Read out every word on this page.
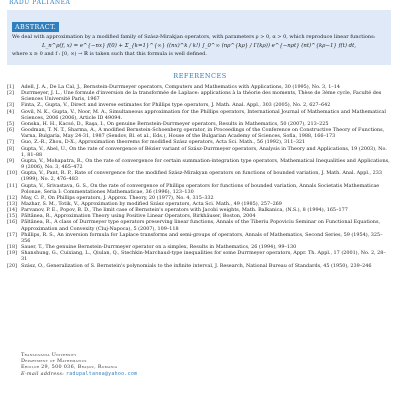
RADU PĂLTĂNEA
ABSTRACT.
We deal with approximation by a modified family of Szász-Mirakjan operators, with parameters ρ > 0, α > 0, which reproduce linear functions:
L_n^ρ(f, x) = e^{−nx} f(0) + Σ_{k=1}^{∞} ((nx)^k / k!) ∫_0^∞ (nρ^{kρ} / Γ(kρ)) e^{−nρt} (nt)^{kρ−1} f(t) dt,
where x ≥ 0 and f : [0, ∞) → ℝ is taken such that this formula is well defined.
REFERENCES
[1]	Adell, J. A., De La Cal, J., Bernstein-Durrmeyer operators, Computers and Mathematics with Applications, 30 (1995), No. 3, 1–14
[2]	Durrmeyer, J. L., Une formule d'inversion de la transformée de Laplace: applications à la théorie des moments, Thèse de 3ème cycle, Faculté des Sciences Université Paris, 1967
[3]	Finta, Z., Gupta, V., Direct and inverse estimates for Phillips type operators, J. Math. Anal. Appl., 303 (2005), No. 2, 627–642
[4]	Govil, N. K., Gupta, V., Noor, M. A., Simultaneous approximation for the Phillips operators, International Journal of Mathematics and Mathematical Sciences, 2006 (2006), Article ID 49094.
[5]	Gonska, H. H., Kacsó, D., Raşa, I., On genuine Bernstein-Durrmeyer operators, Results in Mathematics, 50 (2007), 213–225
[6]	Goodman, T. N. T., Sharma, A., A modified Bernstein-Schoenberg operator, in Proceedings of the Conference on Constructive Theory of Functions, Varna, Bulgaria, May 24-31, 1987 (Sendov, Bl. et al., Eds.), House of the Bulgarian Academy of Sciences, Sofia, 1988, 166–173
[7]	Guo, Z.-R., Zhou, D-X., Approximation theorems for modified Szász operators, Acta Sci. Math., 56 (1992), 311–321
[8]	Gupta, V., Abel, U., On the rate of convergence of Bézier variant of Szász-Durrmeyer operators, Analysis in Theory and Applications, 19 (2003), No. 1, 81–88
[9]	Gupta, V., Mohapatra, R., On the rate of convergence for certain summation-integration type operators, Mathematical Inequalities and Applications, 9 (2006), No. 3, 465–472
[10] Gupta, V., Pant, R. P., Rate of convergence for the modified Szász-Mirakyan operators on functions of bounded variation, J. Math. Anal. Appl., 233 (1999), No. 2, 476–483
[11] Gupta, V., Srivastava, G. S., On the rate of convergence of Phillips operators for functions of bounded variation, Annals Societatis Mathematicae Polonae, Seria I: Commentationes Mathematicae, 36 (1996), 123–130
[12] May, C. P., On Phillips operators, J. Approx. Theory, 20 (1977), No. 4, 315–332
[13] Mazhar, S. M., Totik, V., Approximation by modified Szász operators, Acta Sci. Math., 49 (1985), 257–269
[14] Parvanov, P. E., Popov, B. D., The limit case of Bernstein's operators with Jacobi weights, Math. Balkanica, (N.S.), 8 (1994), 165–177
[15] Păltănea, R., Approximation Theory using Positive Linear Operators, Birkhäuser, Boston, 2004
[16] Păltănea, R., A class of Durrmeyer type operators preserving linear functions, Annals of the Tiberiu Popoviciu Seminar on Functional Equations, Approximation and Convexity (Cluj-Napoca), 5 (2007), 109–118
[17] Phillips, R. S., An inversion formula for Laplace transforms and semi-groups of operators, Annals of Mathematics, Second Series, 59 (1954), 325–356
[18] Sauer, T., The genuine Bernstein-Durrmeyer operator on a simplex, Results in Mathematics, 26 (1994), 99–130
[19] Shanshung, G., Cuixiang, L., Qiulan, Q., Stechkin-Marchaud-type inequalities for some Durrmeyer operators, Appr. Th. Appl., 17 (2001), No. 2, 28–31
[20] Szász, O., Generalization of S. Bernstein's polynomials to the infinite interval, J. Research, National Bureau of Standards, 45 (1950), 239–246
Transilvania University
Department of Mathematics
Eroilor 29, 500 036, Braşov, Romania
E-mail address: radupaltanea@yahoo.com
